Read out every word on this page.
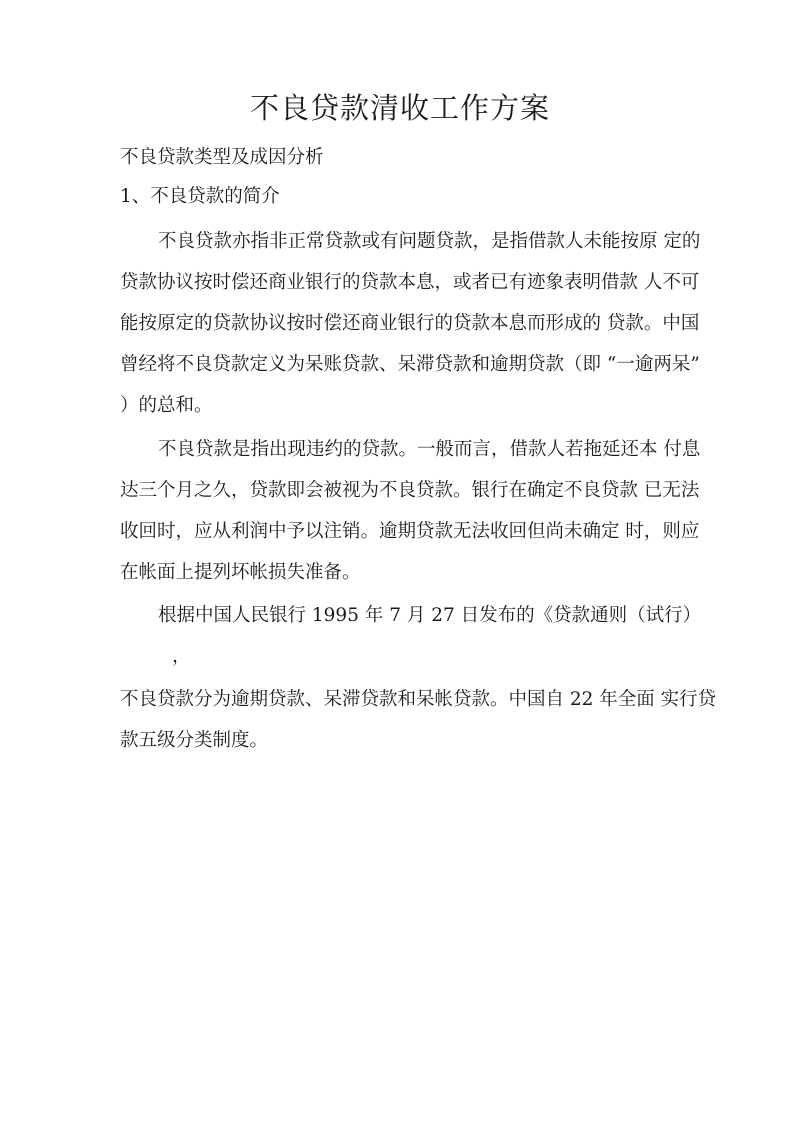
不良贷款清收工作方案

不良贷款类型及成因分析

1、不良贷款的简介

不良贷款亦指非正常贷款或有问题贷款，是指借款人未能按原 定的

贷款协议按时偿还商业银行的贷款本息，或者已有迹象表明借款 人不可

能按原定的贷款协议按时偿还商业银行的贷款本息而形成的 贷款。中国

曾经将不良贷款定义为呆账贷款、呆滞贷款和逾期贷款（即 “一逾两呆”

）的总和。

不良贷款是指出现违约的贷款。一般而言，借款人若拖延还本 付息

达三个月之久，贷款即会被视为不良贷款。银行在确定不良贷款 已无法

收回时，应从利润中予以注销。逾期贷款无法收回但尚未确定 时，则应

在帐面上提列坏帐损失准备。

根据中国人民银行 1995 年 7 月 27 日发布的《贷款通则（试行）

，

不良贷款分为逾期贷款、呆滞贷款和呆帐贷款。中国自 22 年全面 实行贷

款五级分类制度。
